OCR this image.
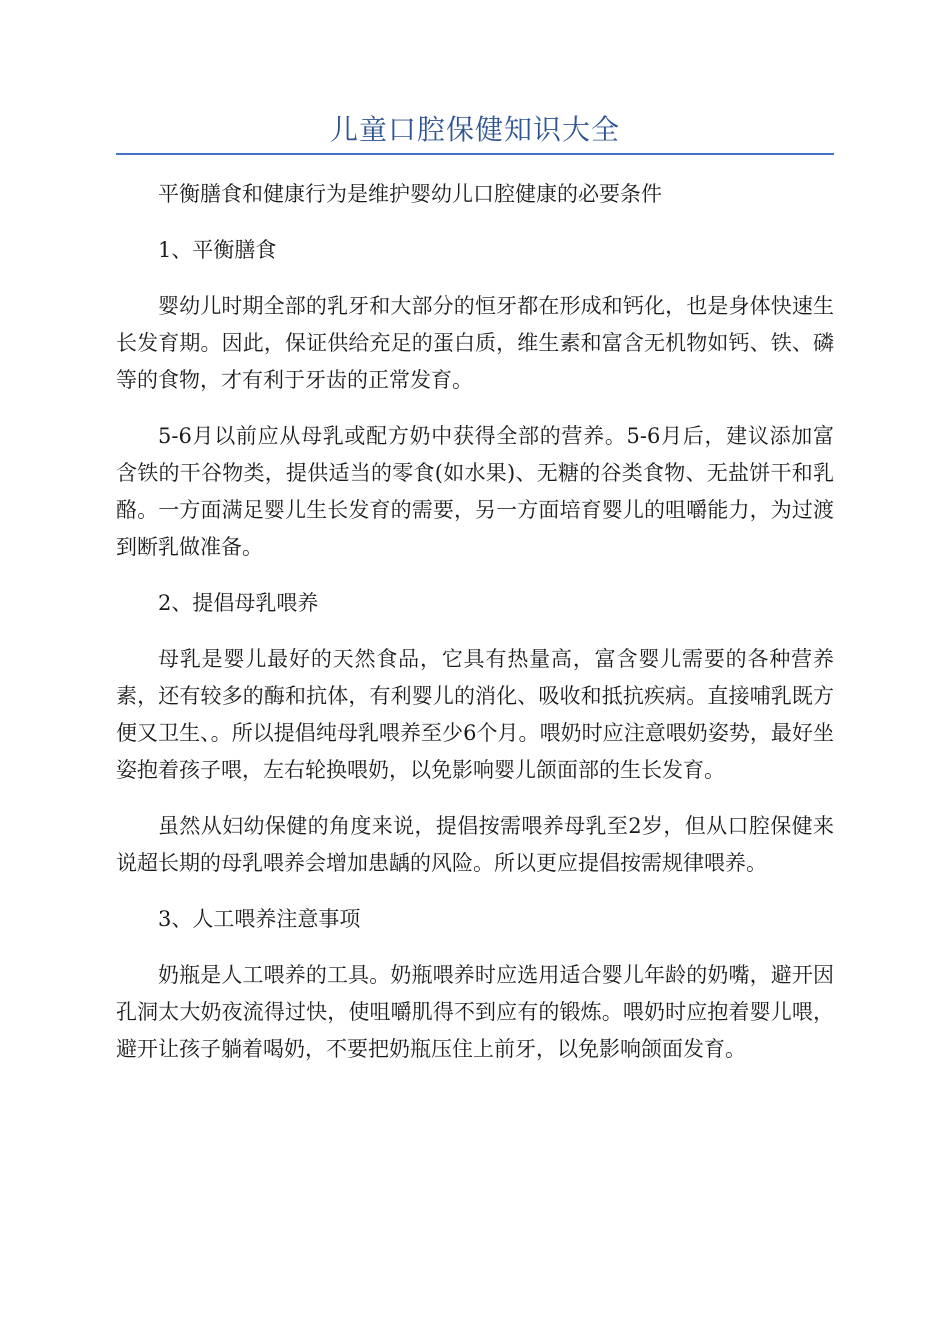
儿童口腔保健知识大全

平衡膳食和健康行为是维护婴幼儿口腔健康的必要条件

1、平衡膳食

婴幼儿时期全部的乳牙和大部分的恒牙都在形成和钙化，也是身体快速生长发育期。因此，保证供给充足的蛋白质，维生素和富含无机物如钙、铁、磷等的食物，才有利于牙齿的正常发育。

5-6月以前应从母乳或配方奶中获得全部的营养。5-6月后，建议添加富含铁的干谷物类，提供适当的零食(如水果)、无糖的谷类食物、无盐饼干和乳酪。一方面满足婴儿生长发育的需要，另一方面培育婴儿的咀嚼能力，为过渡到断乳做准备。

2、提倡母乳喂养

母乳是婴儿最好的天然食品，它具有热量高，富含婴儿需要的各种营养素，还有较多的酶和抗体，有利婴儿的消化、吸收和抵抗疾病。直接哺乳既方便又卫生、。所以提倡纯母乳喂养至少6个月。喂奶时应注意喂奶姿势，最好坐姿抱着孩子喂，左右轮换喂奶，以免影响婴儿颌面部的生长发育。

虽然从妇幼保健的角度来说，提倡按需喂养母乳至2岁，但从口腔保健来说超长期的母乳喂养会增加患龋的风险。所以更应提倡按需规律喂养。

3、人工喂养注意事项

奶瓶是人工喂养的工具。奶瓶喂养时应选用适合婴儿年龄的奶嘴，避开因孔洞太大奶夜流得过快，使咀嚼肌得不到应有的锻炼。喂奶时应抱着婴儿喂，避开让孩子躺着喝奶，不要把奶瓶压住上前牙，以免影响颌面发育。
